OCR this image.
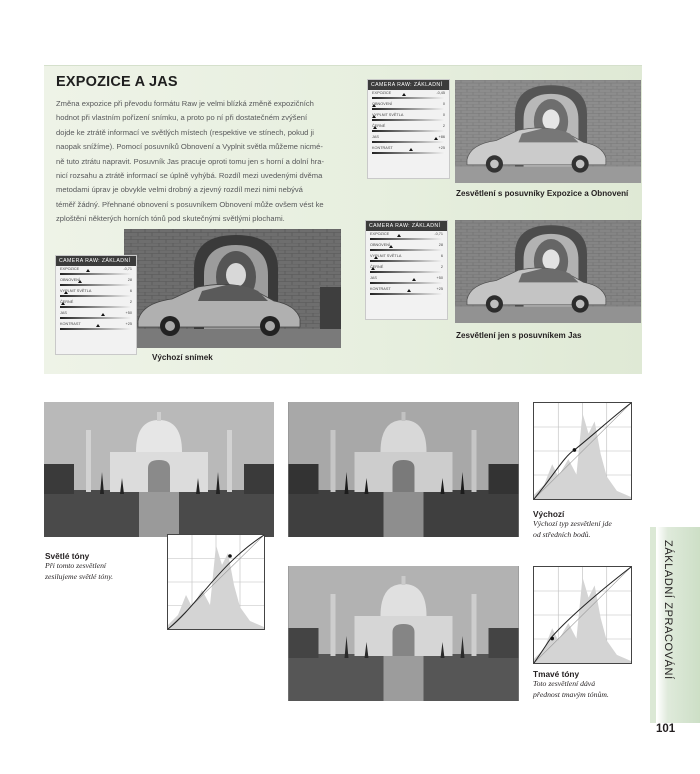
EXPOZICE A JAS
Změna expozice při převodu formátu Raw je velmi blízká změně expozičních
hodnot při vlastním pořízení snímku, a proto po ní při dostatečném zvýšení
dojde ke ztrátě informací ve světlých místech (respektive ve stínech, pokud ji
naopak snížíme). Pomocí posuvníků Obnovení a Vyplnit světla můžeme nicmé-
ně tuto ztrátu napravit. Posuvník Jas pracuje oproti tomu jen s horní a dolní hra-
nicí rozsahu a ztrátě informací se úplně vyhýbá. Rozdíl mezi uvedenými dvěma
metodami úprav je obvykle velmi drobný a zjevný rozdíl mezi nimi nebývá
téměř žádný. Přehnané obnovení s posuvníkem Obnovení může ovšem vést ke
zploštění některých horních tónů pod skutečnými světlými plochami.
CAMERA RAW: ZÁKLADNÍ
EXPOZICE	-0,71
OBNOVENÍ	28
VYPLNIT SVĚTLA	6
ČERNÉ	2
JAS	+50
KONTRAST	+25
CAMERA RAW: ZÁKLADNÍ
EXPOZICE	-0,45
OBNOVENÍ	0
VYPLNIT SVĚTLA	0
ČERNÉ	2
JAS	+86
KONTRAST	+25
CAMERA RAW: ZÁKLADNÍ
EXPOZICE	-0,71
OBNOVENÍ	28
VYPLNIT SVĚTLA	6
ČERNÉ	2
JAS	+50
KONTRAST	+25
Výchozí snímek
Zesvětlení s posuvníky Expozice a Obnovení
Zesvětlení jen s posuvníkem Jas
Světlé tóny
Při tomto zesvětlení
zesilujeme světlé tóny.
Výchozí
Výchozí typ zesvětlení jde
od středních bodů.
Tmavé tóny
Toto zesvětlení dává
přednost tmavým tónům.
ZÁKLADNÍ ZPRACOVÁNÍ
101
